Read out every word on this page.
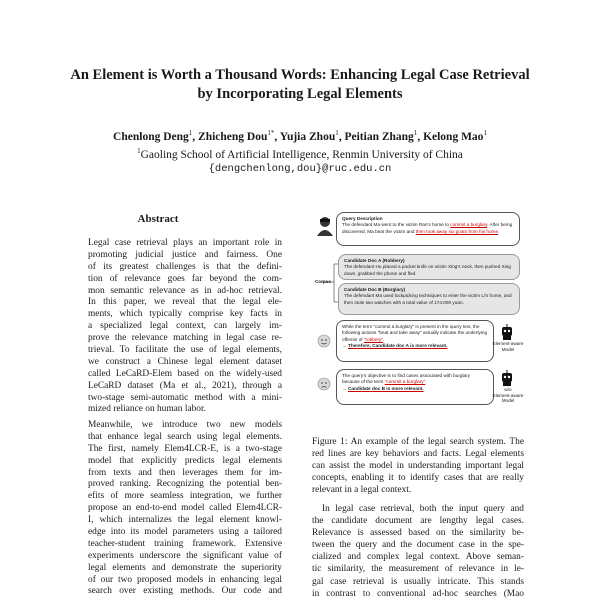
An Element is Worth a Thousand Words: Enhancing Legal Case Retrieval
by Incorporating Legal Elements
Chenlong Deng$^1$, Zhicheng Dou$^{1*}$, Yujia Zhou$^1$, Peitian Zhang$^1$, Kelong Mao$^1$
$^1$Gaoling School of Artificial Intelligence, Renmin University of China
{dengchenlong,dou}@ruc.edu.cn
Abstract
Legal case retrieval plays an important role in
promoting judicial justice and fairness. One
of its greatest challenges is that the defini-
tion of relevance goes far beyond the com-
mon semantic relevance as in ad-hoc retrieval.
In this paper, we reveal that the legal ele-
ments, which typically comprise key facts in
a specialized legal context, can largely im-
prove the relevance matching in legal case re-
trieval. To facilitate the use of legal elements,
we construct a Chinese legal element dataset
called LeCaRD-Elem based on the widely-used
LeCaRD dataset (Ma et al., 2021), through a
two-stage semi-automatic method with a mini-
mized reliance on human labor.
Meanwhile, we introduce two new models
that enhance legal search using legal elements.
The first, namely Elem4LCR-E, is a two-stage
model that explicitly predicts legal elements
from texts and then leverages them for im-
proved ranking. Recognizing the potential ben-
efits of more seamless integration, we further
propose an end-to-end model called Elem4LCR-
I, which internalizes the legal element knowl-
edge into its model parameters using a tailored
teacher-student training framework. Extensive
experiments underscore the significant value of
legal elements and demonstrate the superiority
of our two proposed models in enhancing legal
search over existing methods. Our code and
Query Description
The defendant Ma went to the victim Ran's home to commit a burglary. After being discovered, Ma beat the victim and then took away six goats from his home.
Corpus
Candidate Doc A (Robbery)
The defendant Hu placed a pocket knife on victim Xing's neck, then pushed Xing down, grabbed the phone and fled.
Candidate Doc B (Burglary)
The defendant Ma used lockpicking techniques to enter the victim Li's home, and then stole two watches with a total value of 174,000 yuan.
While the term "commit a burglary" is present in the query text, the following actions "beat and take away" actually indicate the underlying offense of "robbery".
→ Therefore, Candidate doc A is more relevant.	Element-aware
Model
The query's objective is to find cases associated with burglary because of the term "commit a burglary".
→ Candidate doc B is more relevant.	w/o
Element-aware
Model
Figure 1: An example of the legal search system. The
red lines are key behaviors and facts. Legal elements
can assist the model in understanding important legal
concepts, enabling it to identify cases that are really
relevant in a legal context.
In legal case retrieval, both the input query and
the candidate document are lengthy legal cases.
Relevance is assessed based on the similarity be-
tween the query and the document case in the spe-
cialized and complex legal context. Above seman-
tic similarity, the measurement of relevance in le-
gal case retrieval is usually intricate. This stands
in contrast to conventional ad-hoc searches (Mao
